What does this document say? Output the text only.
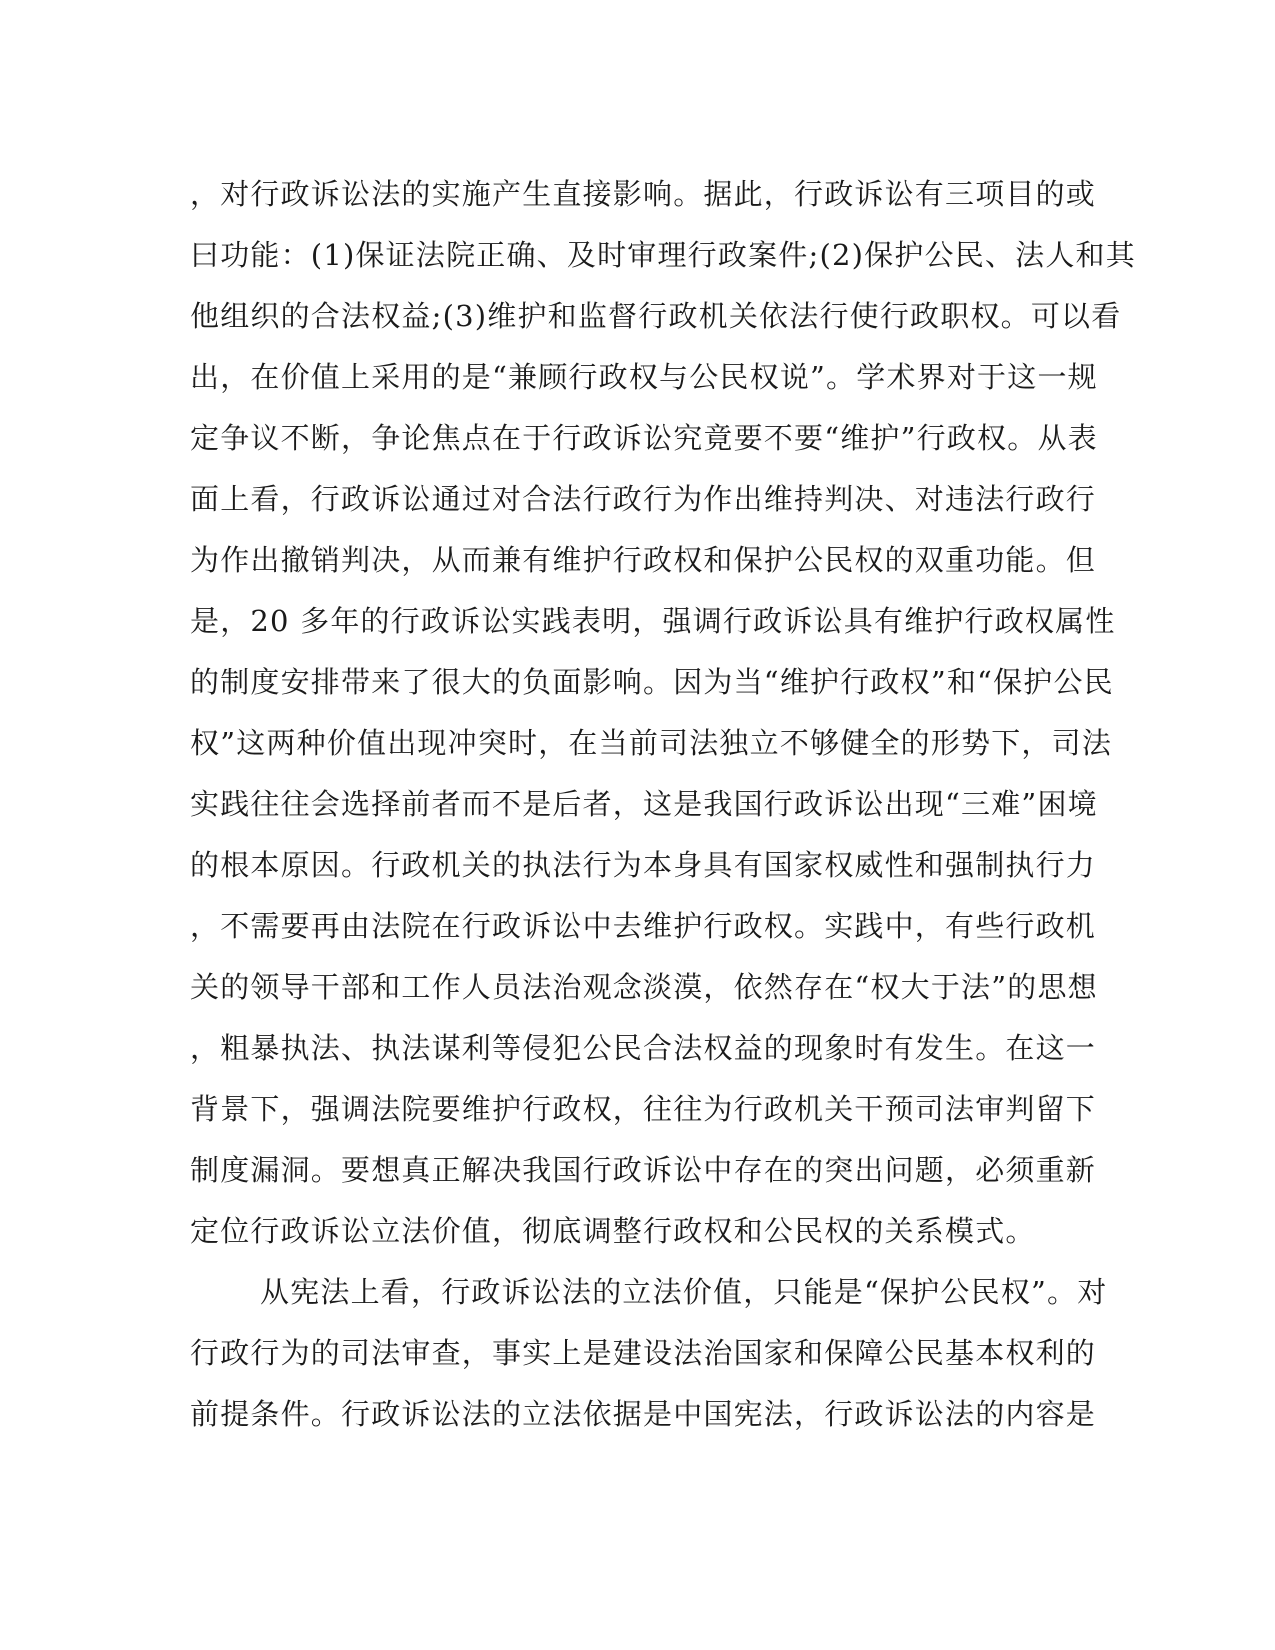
，对行政诉讼法的实施产生直接影响。据此，行政诉讼有三项目的或
曰功能：(1)保证法院正确、及时审理行政案件;(2)保护公民、法人和其
他组织的合法权益;(3)维护和监督行政机关依法行使行政职权。可以看
出，在价值上采用的是“兼顾行政权与公民权说”。学术界对于这一规
定争议不断，争论焦点在于行政诉讼究竟要不要“维护”行政权。从表
面上看，行政诉讼通过对合法行政行为作出维持判决、对违法行政行
为作出撤销判决，从而兼有维护行政权和保护公民权的双重功能。但
是，20 多年的行政诉讼实践表明，强调行政诉讼具有维护行政权属性
的制度安排带来了很大的负面影响。因为当“维护行政权”和“保护公民
权”这两种价值出现冲突时，在当前司法独立不够健全的形势下，司法
实践往往会选择前者而不是后者，这是我国行政诉讼出现“三难”困境
的根本原因。行政机关的执法行为本身具有国家权威性和强制执行力
，不需要再由法院在行政诉讼中去维护行政权。实践中，有些行政机
关的领导干部和工作人员法治观念淡漠，依然存在“权大于法”的思想
，粗暴执法、执法谋利等侵犯公民合法权益的现象时有发生。在这一
背景下，强调法院要维护行政权，往往为行政机关干预司法审判留下
制度漏洞。要想真正解决我国行政诉讼中存在的突出问题，必须重新
定位行政诉讼立法价值，彻底调整行政权和公民权的关系模式。
从宪法上看，行政诉讼法的立法价值，只能是“保护公民权”。对
行政行为的司法审查，事实上是建设法治国家和保障公民基本权利的
前提条件。行政诉讼法的立法依据是中国宪法，行政诉讼法的内容是
